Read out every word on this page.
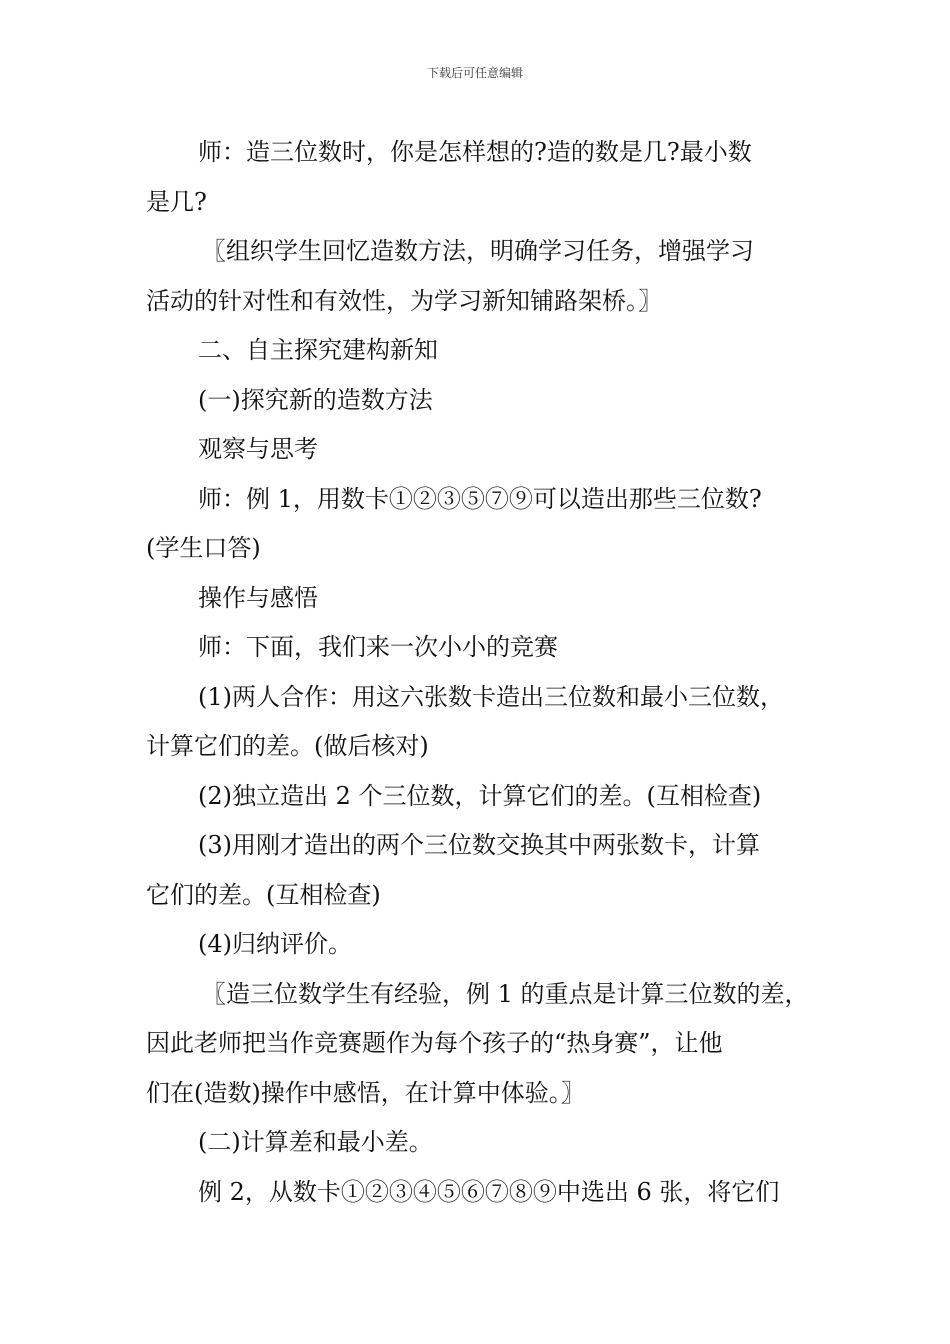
下载后可任意编辑

师：造三位数时，你是怎样想的?造的数是几?最小数

是几?

〖组织学生回忆造数方法，明确学习任务，增强学习

活动的针对性和有效性，为学习新知铺路架桥。〗

二、自主探究建构新知

(一)探究新的造数方法

观察与思考

师：例 1，用数卡①②③⑤⑦⑨可以造出那些三位数?

(学生口答)

操作与感悟

师：下面，我们来一次小小的竞赛

(1)两人合作：用这六张数卡造出三位数和最小三位数，

计算它们的差。(做后核对)

(2)独立造出 2 个三位数，计算它们的差。(互相检查)

(3)用刚才造出的两个三位数交换其中两张数卡，计算

它们的差。(互相检查)

(4)归纳评价。

〖造三位数学生有经验，例 1 的重点是计算三位数的差，

因此老师把当作竞赛题作为每个孩子的“热身赛”，让他

们在(造数)操作中感悟，在计算中体验。〗

(二)计算差和最小差。

例 2，从数卡①②③④⑤⑥⑦⑧⑨中选出 6 张，将它们
